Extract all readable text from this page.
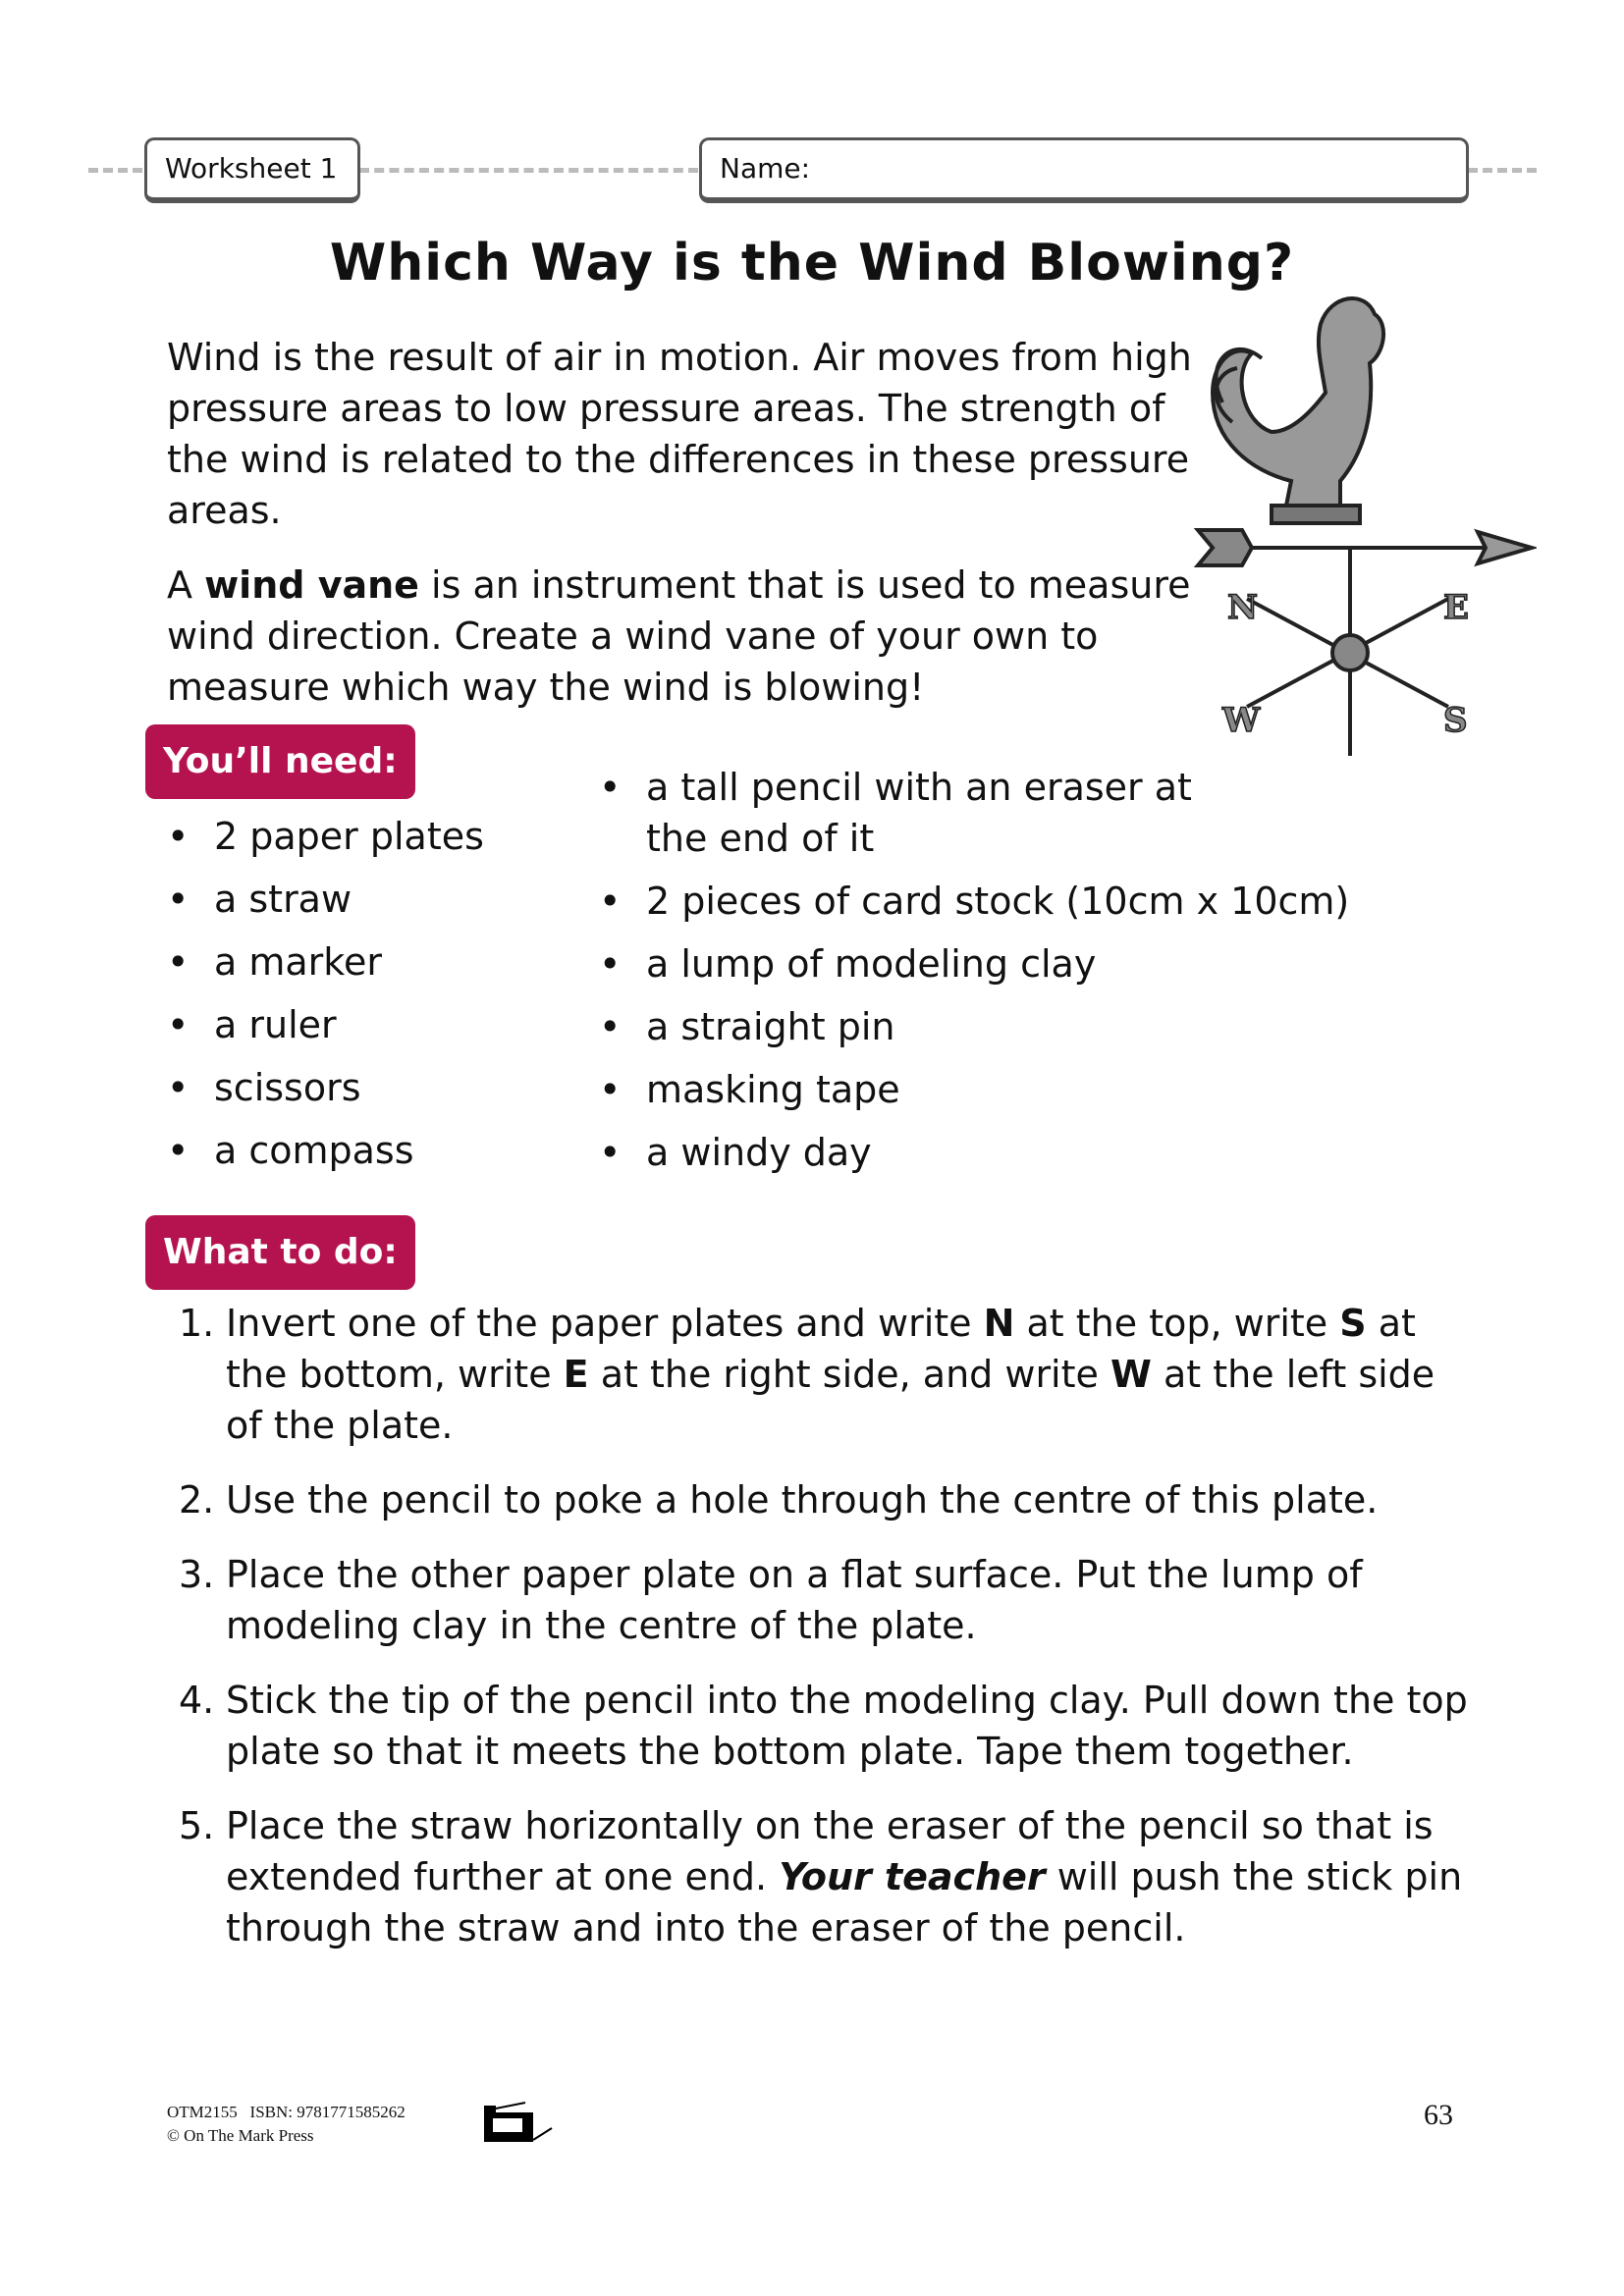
Worksheet 1	Name:
Which Way is the Wind Blowing?

Wind is the result of air in motion. Air moves from high pressure areas to low pressure areas. The strength of the wind is related to the differences in these pressure areas.

A wind vane is an instrument that is used to measure wind direction. Create a wind vane of your own to measure which way the wind is blowing!

N	E
W	S
You’ll need:
• 2 paper plates
• a straw
• a marker
• a ruler
• scissors
• a compass
• a tall pencil with an eraser at the end of it
• 2 pieces of card stock (10cm x 10cm)
• a lump of modeling clay
• a straight pin
• masking tape
• a windy day
What to do:
1. Invert one of the paper plates and write N at the top, write S at the bottom, write E at the right side, and write W at the left side of the plate.
2. Use the pencil to poke a hole through the centre of this plate.
3. Place the other paper plate on a flat surface. Put the lump of modeling clay in the centre of the plate.
4. Stick the tip of the pencil into the modeling clay. Pull down the top plate so that it meets the bottom plate. Tape them together.
5. Place the straw horizontally on the eraser of the pencil so that is extended further at one end. Your teacher will push the stick pin through the straw and into the eraser of the pencil.
OTM2155 ISBN: 9781771585262
© On The Mark Press
63
